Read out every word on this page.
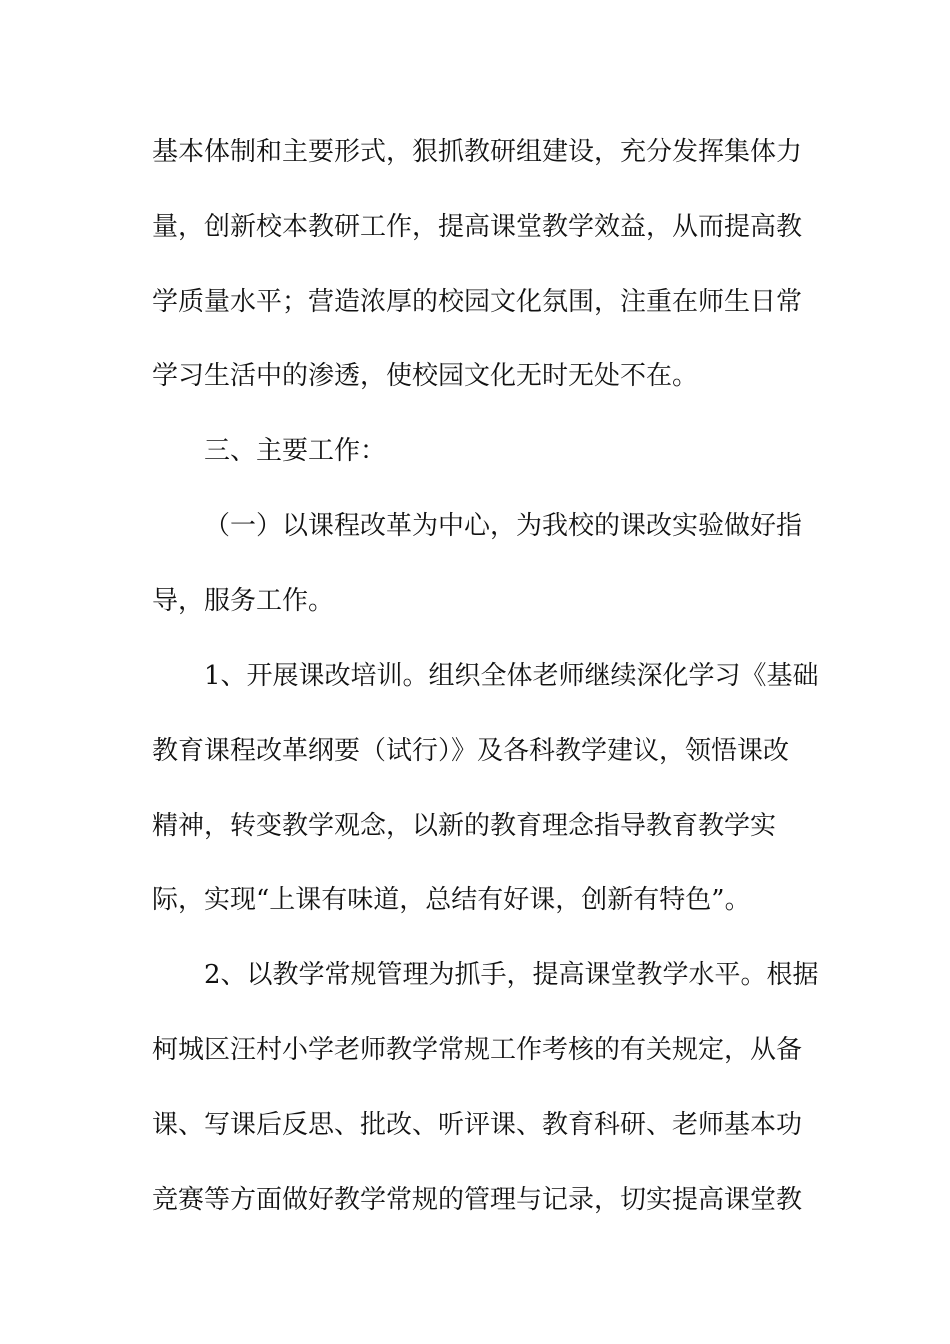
基本体制和主要形式，狠抓教研组建设，充分发挥集体力

量，创新校本教研工作，提高课堂教学效益，从而提高教

学质量水平；营造浓厚的校园文化氛围，注重在师生日常

学习生活中的渗透，使校园文化无时无处不在。

三、主要工作：

（一）以课程改革为中心，为我校的课改实验做好指

导，服务工作。

1、开展课改培训。组织全体老师继续深化学习《基础

教育课程改革纲要（试行）》及各科教学建议，领悟课改

精神，转变教学观念，以新的教育理念指导教育教学实

际，实现“上课有味道，总结有好课，创新有特色”。

2、以教学常规管理为抓手，提高课堂教学水平。根据

柯城区汪村小学老师教学常规工作考核的有关规定，从备

课、写课后反思、批改、听评课、教育科研、老师基本功

竞赛等方面做好教学常规的管理与记录，切实提高课堂教
